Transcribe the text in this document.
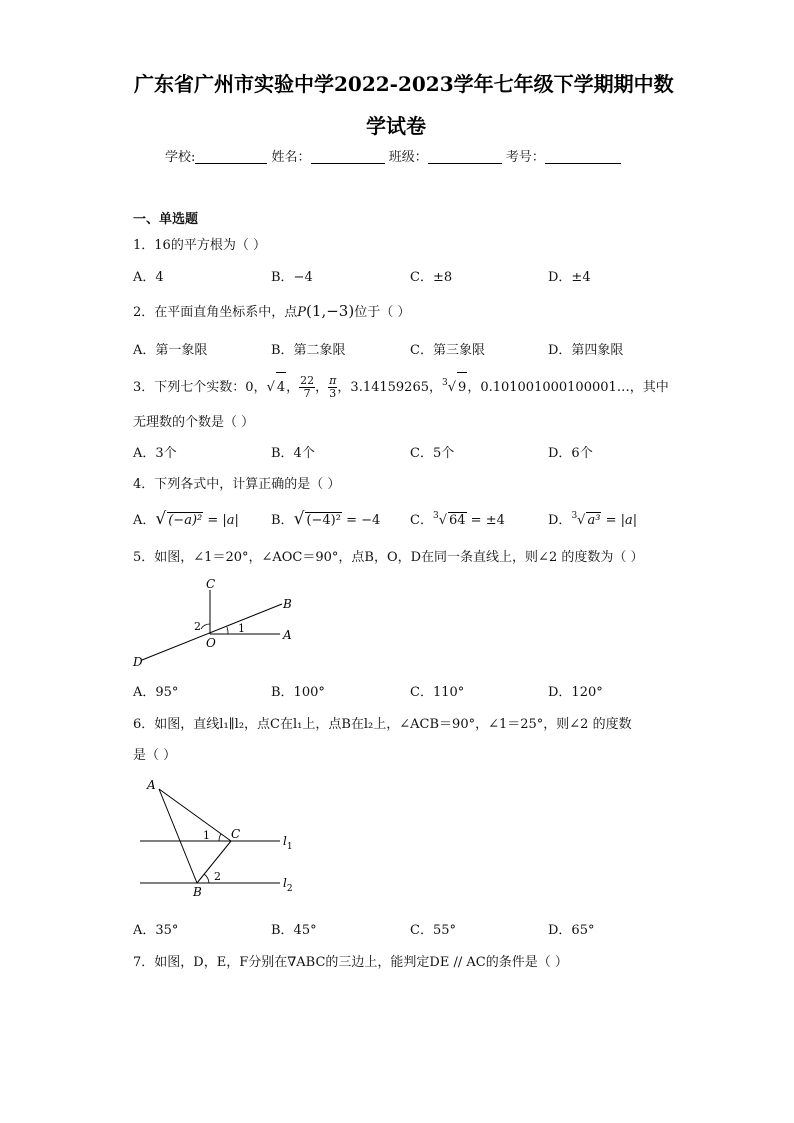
广东省广州市实验中学2022-2023学年七年级下学期期中数
学试卷
学校:	姓名：	班级：	考号：
一、单选题
1．16的平方根为（ ）
A．4	B．−4	C．±8	D．±4
2．在平面直角坐标系中，点P(1,−3)位于（ ）
A．第一象限	B．第二象限	C．第三象限	D．第四象限
3．下列七个实数：0，√ 4， $\frac{22}{7}$ ， $\frac{\pi}{3}$ ，3.14159265，$^3$√ 9，0.101001000100001…，其中
无理数的个数是（ ）
A．3个	B．4个	C．5个	D．6个
4．下列各式中，计算正确的是（ ）
A．√ (−a)² = |a| B．√ (−4)² = −4 C．$^3$√ 64 = ±4	D．$^3$√ a³ = |a|
5．如图，∠1＝20°，∠AOC＝90°，点B，O，D在同一条直线上，则∠2 的度数为（ ）
C
B
A
O
D
1
2
A．95°	B．100°	C．110°	D．120°
6．如图，直线l₁∥l₂，点C在l₁上，点B在l₂上，∠ACB＝90°，∠1＝25°，则∠2 的度数
是（ ）
A
C
B
1
2
$l_1$
$l_2$
A．35°	B．45°	C．55°	D．65°
7．如图，D，E，F分别在∇ABC的三边上，能判定DE // AC的条件是（ ）
